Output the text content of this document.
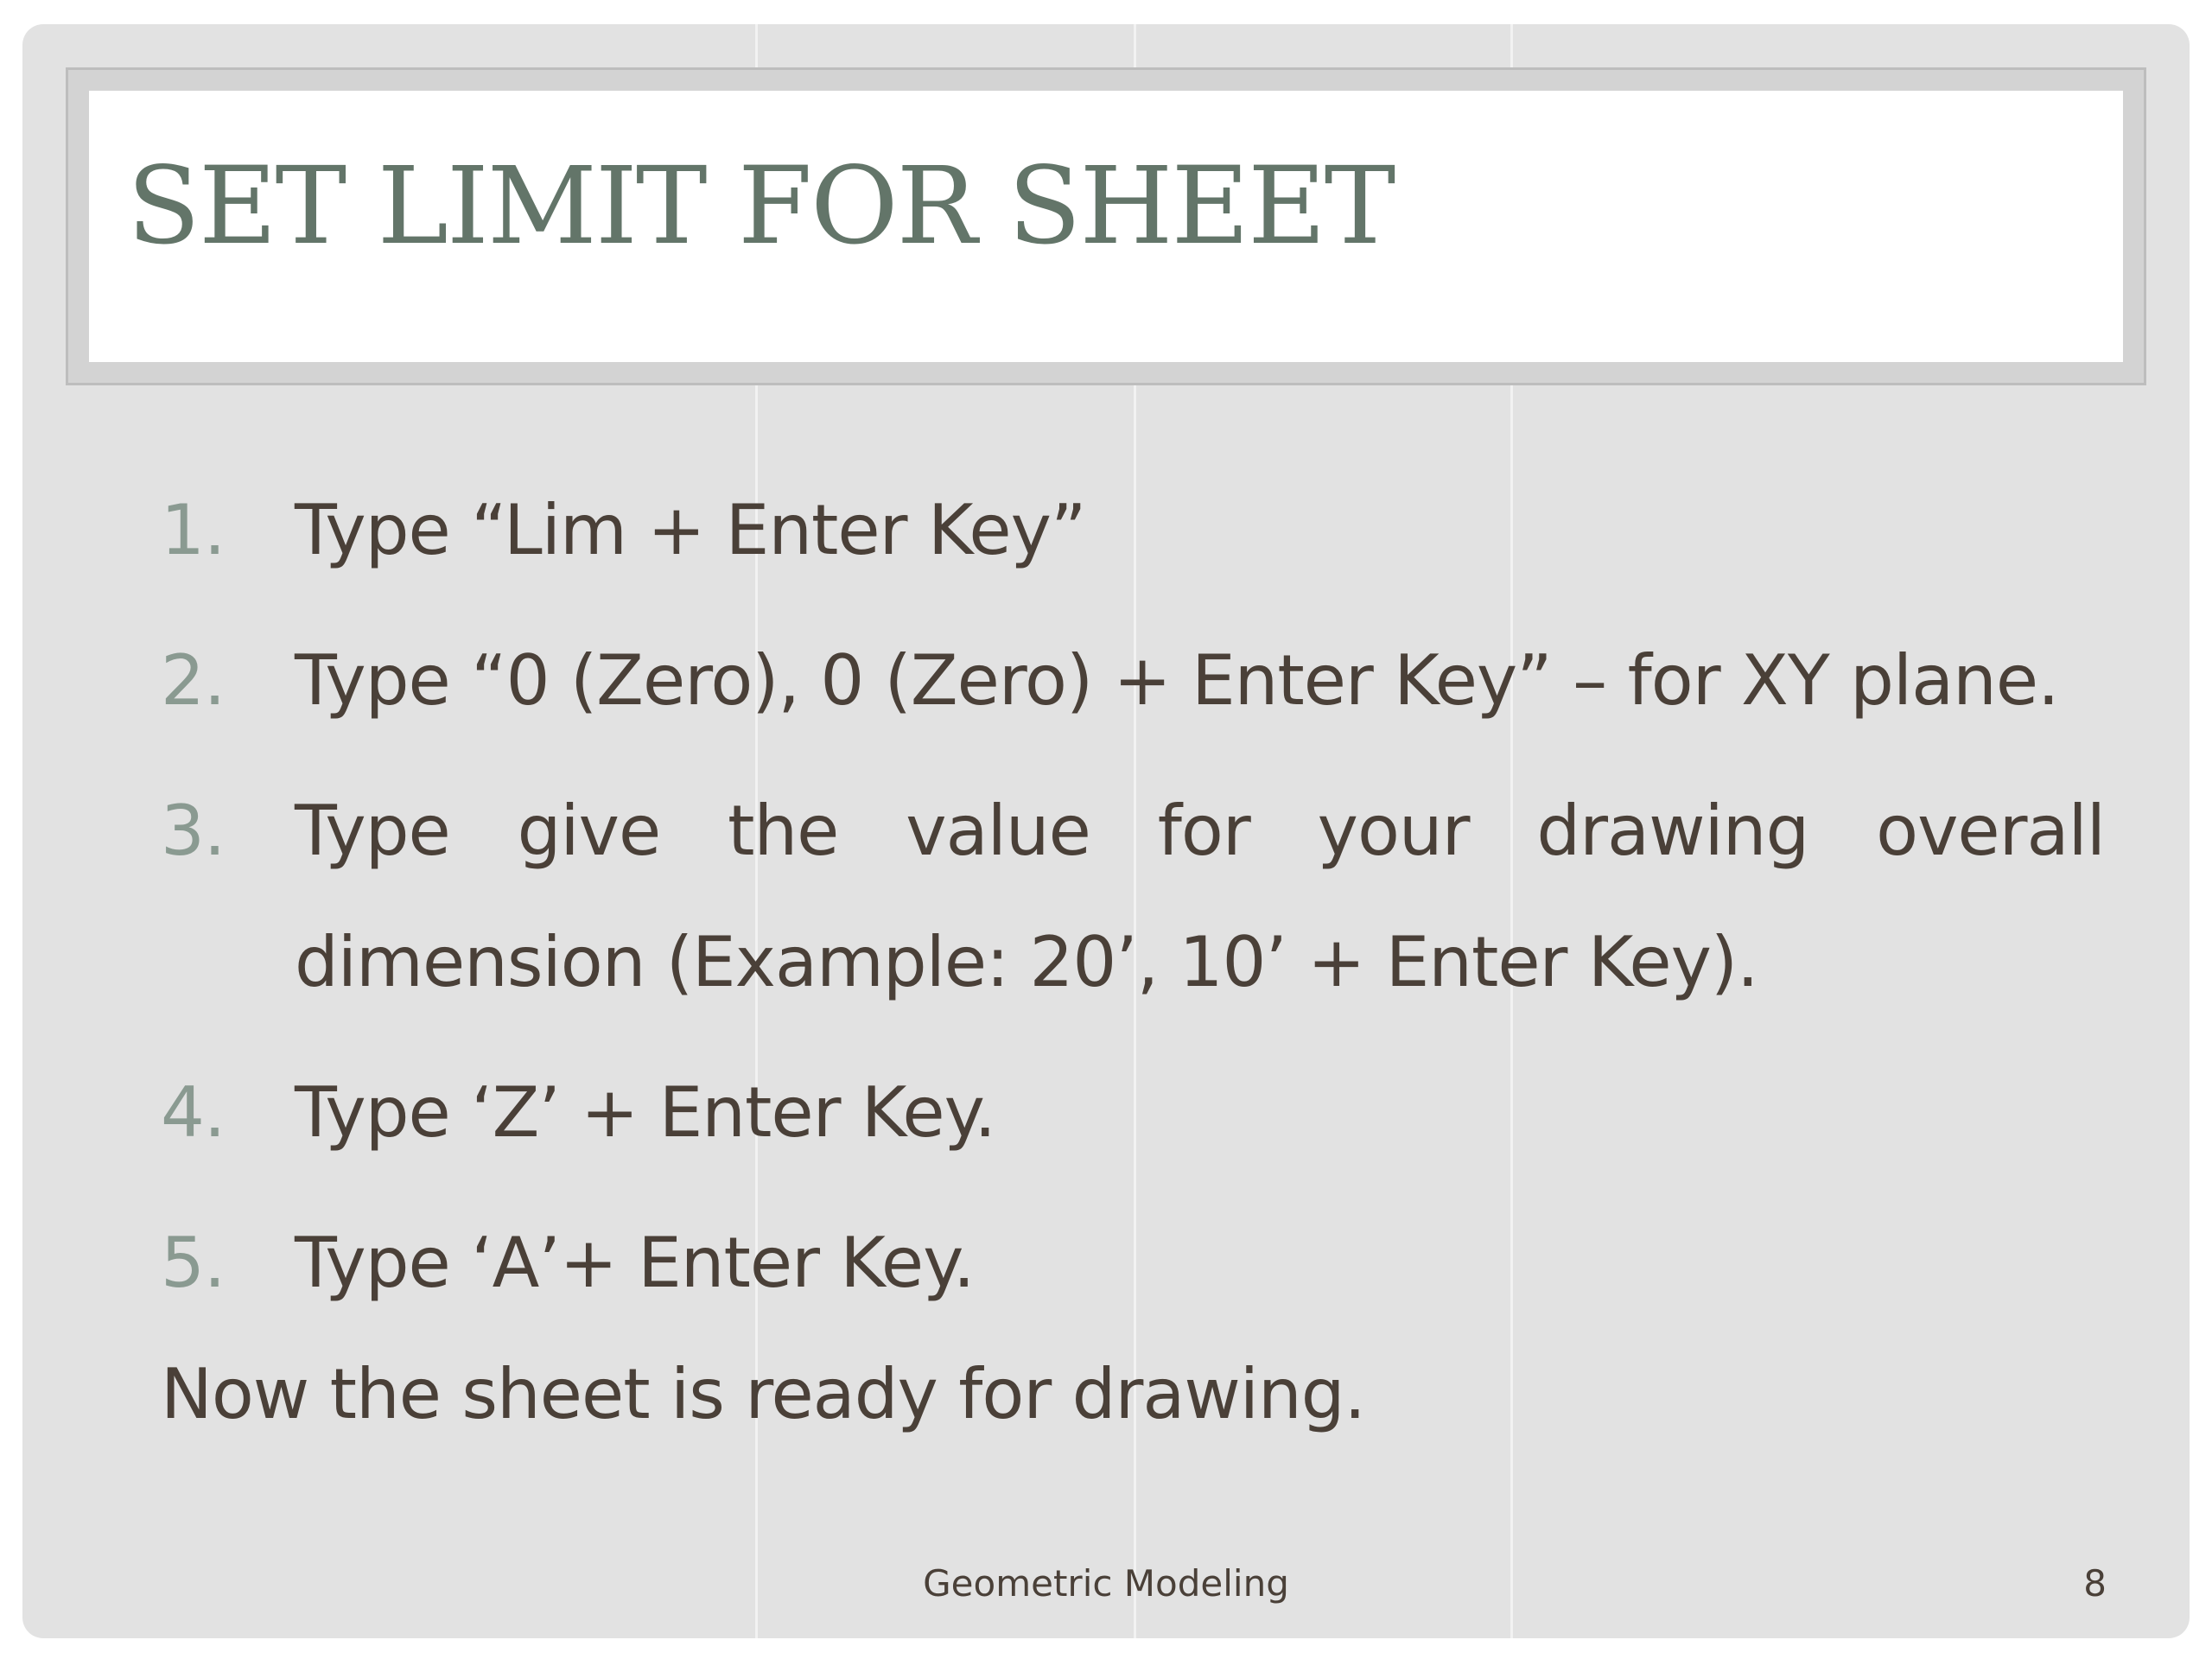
SET LIMIT FOR SHEET
1. Type “Lim + Enter Key”
2. Type “0 (Zero), 0 (Zero) + Enter Key” – for XY plane.
3. Type give the value for your drawing overall dimension (Example: 20’, 10’ + Enter Key).
4. Type ‘Z’ + Enter Key.
5. Type ‘A’+ Enter Key.

Now the sheet is ready for drawing.

Geometric Modeling	8
